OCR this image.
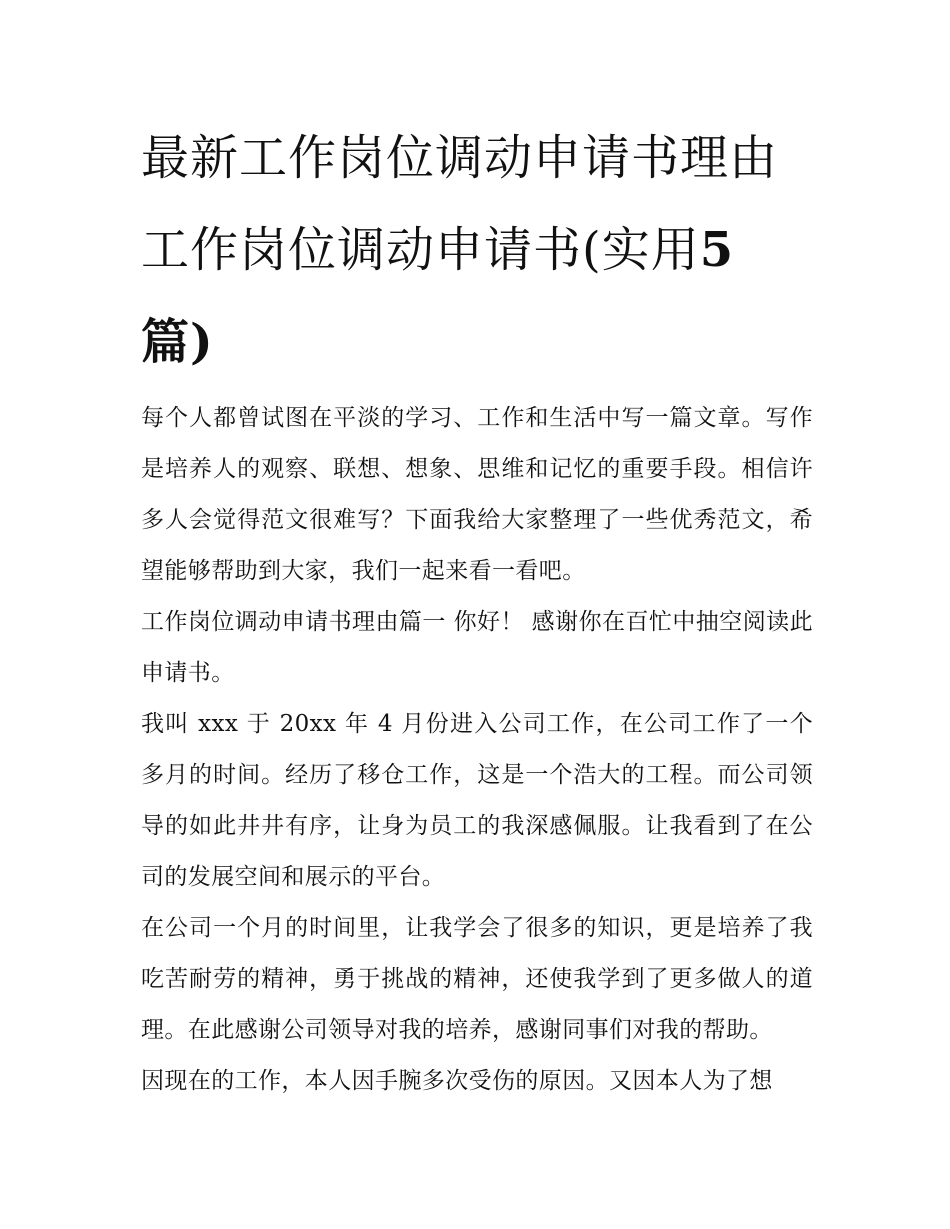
最新工作岗位调动申请书理由工作岗位调动申请书(实用5
篇)

每个人都曾试图在平淡的学习、工作和生活中写一篇文章。写作是培养人的观察、联想、想象、思维和记忆的重要手段。相信许多人会觉得范文很难写？下面我给大家整理了一些优秀范文，希望能够帮助到大家，我们一起来看一看吧。

工作岗位调动申请书理由篇一 你好！ 感谢你在百忙中抽空阅读此申请书。

我叫 xxx 于 20xx 年 4 月份进入公司工作，在公司工作了一个多月的时间。经历了移仓工作，这是一个浩大的工程。而公司领导的如此井井有序，让身为员工的我深感佩服。让我看到了在公司的发展空间和展示的平台。

在公司一个月的时间里，让我学会了很多的知识，更是培养了我吃苦耐劳的精神，勇于挑战的精神，还使我学到了更多做人的道理。在此感谢公司领导对我的培养，感谢同事们对我的帮助。

因现在的工作，本人因手腕多次受伤的原因。又因本人为了想
